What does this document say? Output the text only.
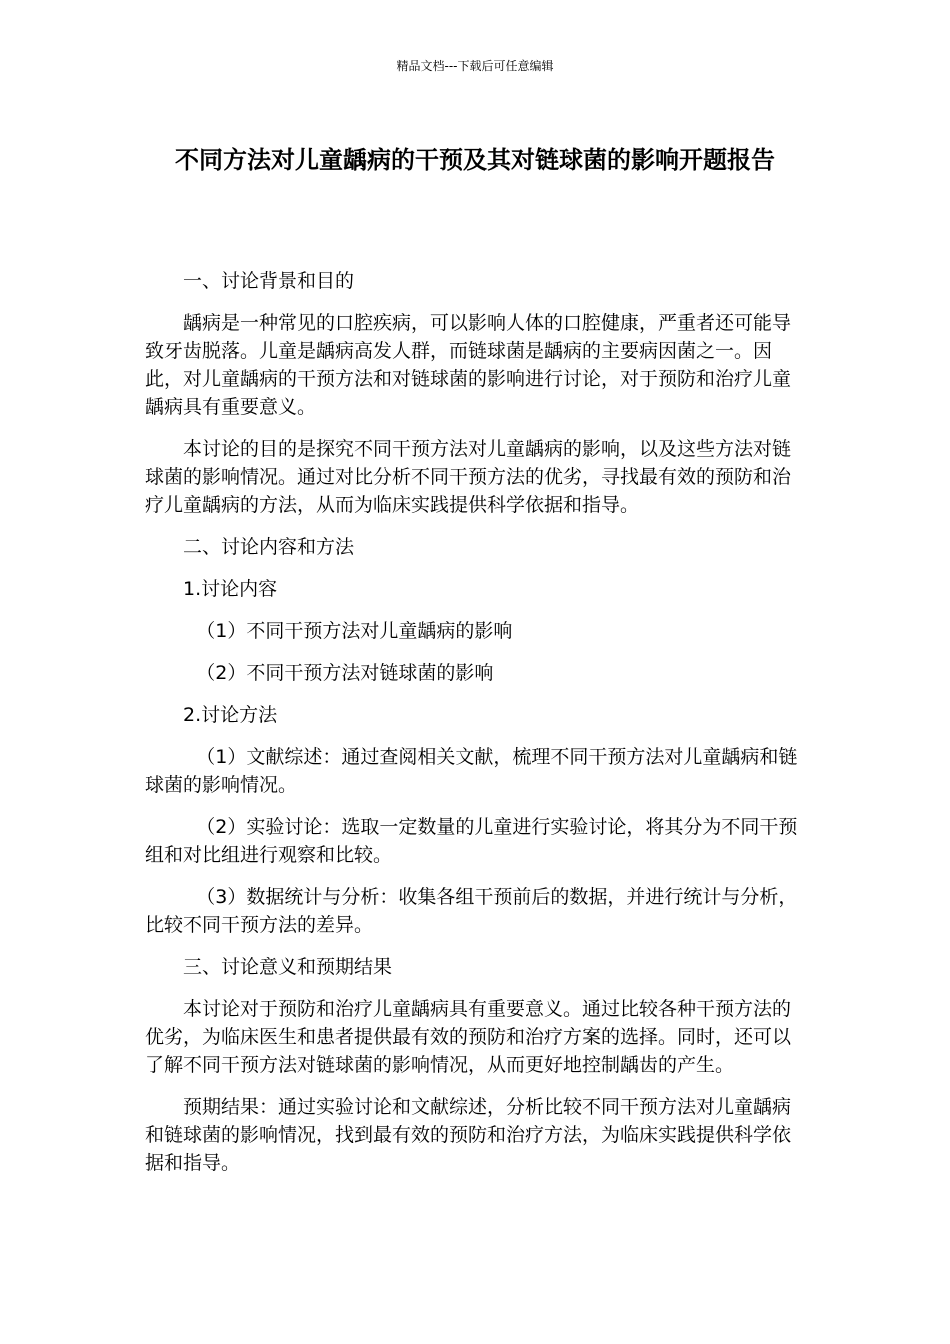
精品文档---下载后可任意编辑
不同方法对儿童龋病的干预及其对链球菌的影响开题报告

一、讨论背景和目的

龋病是一种常见的口腔疾病，可以影响人体的口腔健康，严重者还可能导致牙齿脱落。儿童是龋病高发人群，而链球菌是龋病的主要病因菌之一。因此，对儿童龋病的干预方法和对链球菌的影响进行讨论，对于预防和治疗儿童龋病具有重要意义。

本讨论的目的是探究不同干预方法对儿童龋病的影响，以及这些方法对链球菌的影响情况。通过对比分析不同干预方法的优劣，寻找最有效的预防和治疗儿童龋病的方法，从而为临床实践提供科学依据和指导。

二、讨论内容和方法

1.讨论内容

（1）不同干预方法对儿童龋病的影响

（2）不同干预方法对链球菌的影响

2.讨论方法

（1）文献综述：通过查阅相关文献，梳理不同干预方法对儿童龋病和链球菌的影响情况。

（2）实验讨论：选取一定数量的儿童进行实验讨论，将其分为不同干预组和对比组进行观察和比较。

（3）数据统计与分析：收集各组干预前后的数据，并进行统计与分析，比较不同干预方法的差异。

三、讨论意义和预期结果

本讨论对于预防和治疗儿童龋病具有重要意义。通过比较各种干预方法的优劣，为临床医生和患者提供最有效的预防和治疗方案的选择。同时，还可以了解不同干预方法对链球菌的影响情况，从而更好地控制龋齿的产生。

预期结果：通过实验讨论和文献综述，分析比较不同干预方法对儿童龋病和链球菌的影响情况，找到最有效的预防和治疗方法，为临床实践提供科学依据和指导。
